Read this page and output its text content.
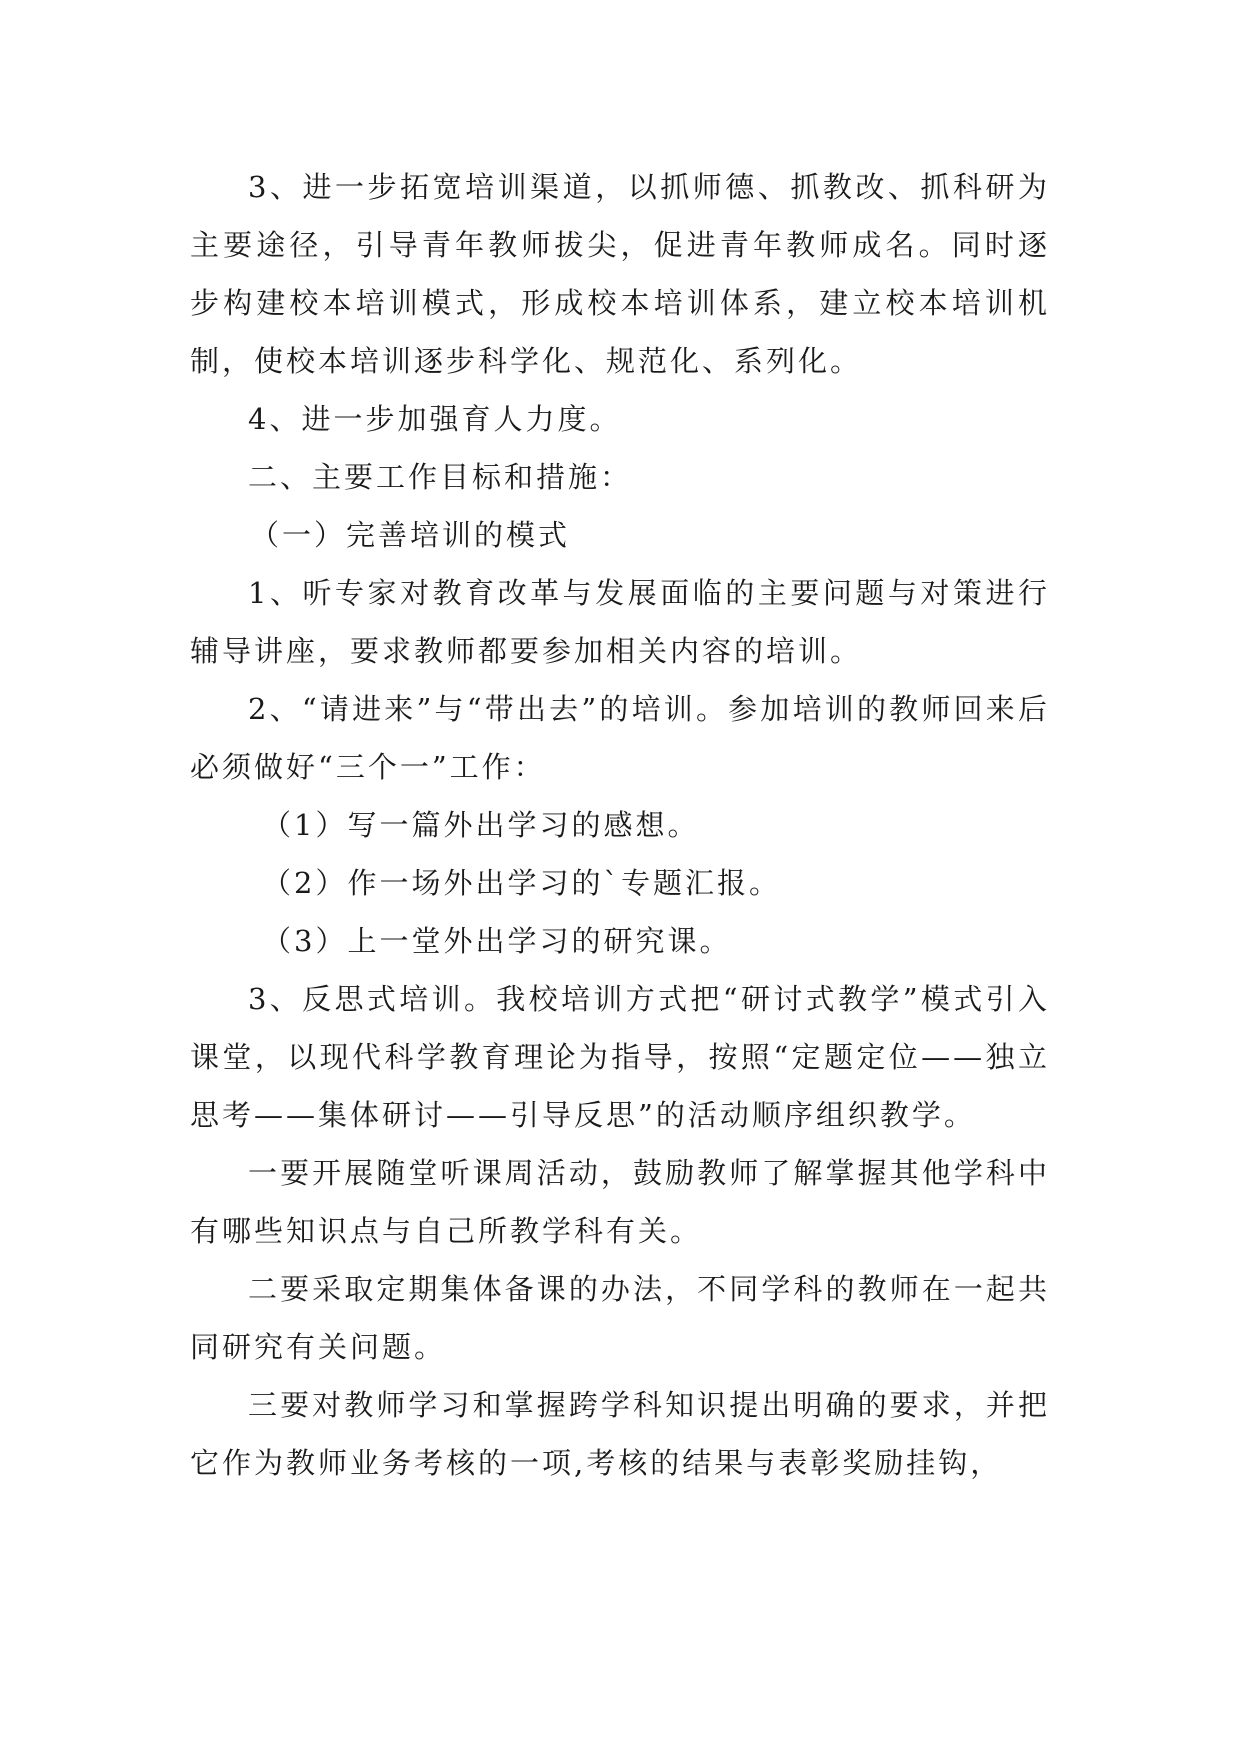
3、进一步拓宽培训渠道，以抓师德、抓教改、抓科研为主要途径，引导青年教师拔尖，促进青年教师成名。同时逐步构建校本培训模式，形成校本培训体系，建立校本培训机制，使校本培训逐步科学化、规范化、系列化。

4、进一步加强育人力度。

二、主要工作目标和措施：

（一）完善培训的模式

1、听专家对教育改革与发展面临的主要问题与对策进行辅导讲座，要求教师都要参加相关内容的培训。

2、“请进来”与“带出去”的培训。参加培训的教师回来后必须做好“三个一”工作：

（1）写一篇外出学习的感想。

（2）作一场外出学习的`专题汇报。

（3）上一堂外出学习的研究课。

3、反思式培训。我校培训方式把“研讨式教学”模式引入课堂，以现代科学教育理论为指导，按照“定题定位——独立思考——集体研讨——引导反思”的活动顺序组织教学。

一要开展随堂听课周活动，鼓励教师了解掌握其他学科中有哪些知识点与自己所教学科有关。

二要采取定期集体备课的办法，不同学科的教师在一起共同研究有关问题。

三要对教师学习和掌握跨学科知识提出明确的要求，并把它作为教师业务考核的一项,考核的结果与表彰奖励挂钩，
